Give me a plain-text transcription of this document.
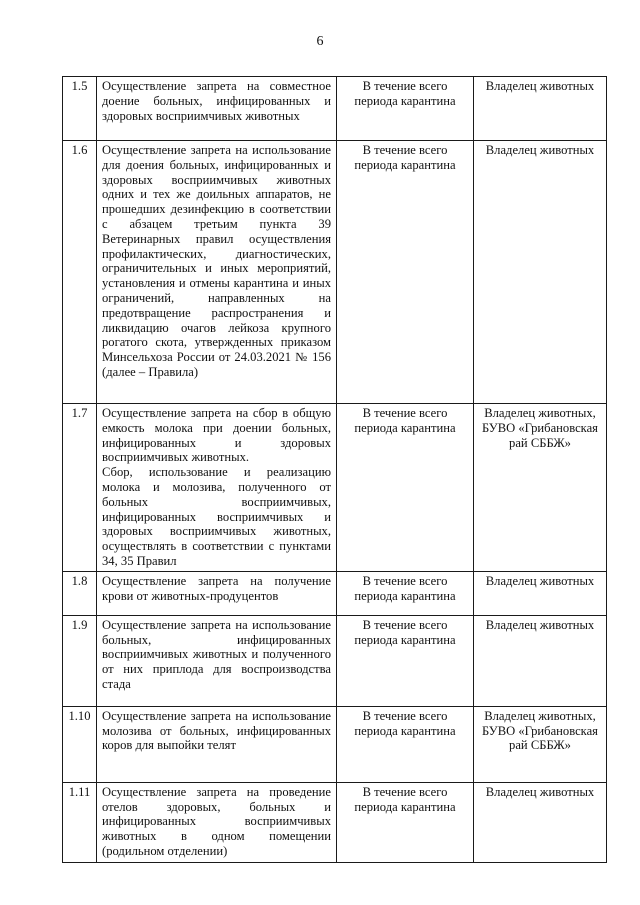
6
1.5	Осуществление запрета на совместное доение больных, инфицированных и здоровых восприимчивых животных	В течение всего периода карантина	Владелец животных
1.6	Осуществление запрета на использование для доения больных, инфицированных и здоровых восприимчивых животных одних и тех же доильных аппаратов, не прошедших дезинфекцию в соответствии с абзацем третьим пункта 39 Ветеринарных правил осуществления профилактических, диагностических, ограничительных и иных мероприятий, установления и отмены карантина и иных ограничений, направленных на предотвращение распространения и ликвидацию очагов лейкоза крупного рогатого скота, утвержденных приказом Минсельхоза России от 24.03.2021 № 156 (далее – Правила)	В течение всего периода карантина	Владелец животных
1.7	Осуществление запрета на сбор в общую емкость молока при доении больных, инфицированных и здоровых восприимчивых животных.
Сбор, использование и реализацию молока и молозива, полученного от больных восприимчивых, инфицированных восприимчивых и здоровых восприимчивых животных, осуществлять в соответствии с пунктами 34, 35 Правил	В течение всего периода карантина	Владелец животных, БУВО «Грибановская рай СББЖ»
1.8	Осуществление запрета на получение крови от животных-продуцентов	В течение всего периода карантина	Владелец животных
1.9	Осуществление запрета на использование больных, инфицированных восприимчивых животных и полученного от них приплода для воспроизводства стада	В течение всего периода карантина	Владелец животных
1.10	Осуществление запрета на использование молозива от больных, инфицированных коров для выпойки телят	В течение всего периода карантина	Владелец животных, БУВО «Грибановская рай СББЖ»
1.11	Осуществление запрета на проведение отелов здоровых, больных и инфицированных восприимчивых животных в одном помещении (родильном отделении)	В течение всего периода карантина	Владелец животных
